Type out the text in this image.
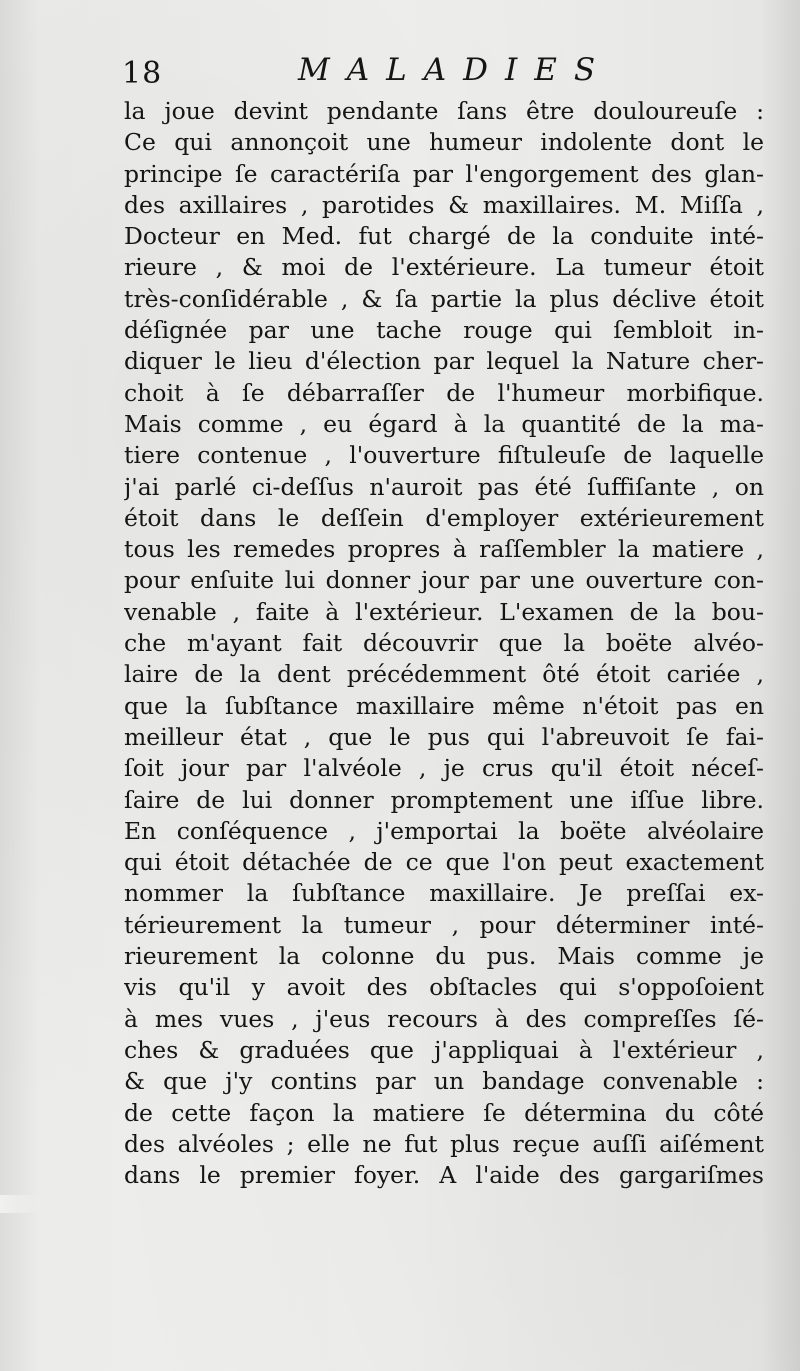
18	MALADIES
la joue devint pendante ſans être douloureuſe :
Ce qui annonçoit une humeur indolente dont le
principe ſe caractériſa par l'engorgement des glan-
des axillaires , parotides & maxillaires. M. Miſſa ,
Docteur en Med. fut chargé de la conduite inté-
rieure , & moi de l'extérieure. La tumeur étoit
très-conſidérable , & ſa partie la plus déclive étoit
déſignée par une tache rouge qui ſembloit in-
diquer le lieu d'élection par lequel la Nature cher-
choit à ſe débarraſſer de l'humeur morbifique.
Mais comme , eu égard à la quantité de la ma-
tiere contenue , l'ouverture fiſtuleuſe de laquelle
j'ai parlé ci-deſſus n'auroit pas été ſuffiſante , on
étoit dans le deſſein d'employer extérieurement
tous les remedes propres à raſſembler la matiere ,
pour enſuite lui donner jour par une ouverture con-
venable , faite à l'extérieur. L'examen de la bou-
che m'ayant fait découvrir que la boëte alvéo-
laire de la dent précédemment ôté étoit cariée ,
que la ſubſtance maxillaire même n'étoit pas en
meilleur état , que le pus qui l'abreuvoit ſe fai-
ſoit jour par l'alvéole , je crus qu'il étoit néceſ-
ſaire de lui donner promptement une iſſue libre.
En conſéquence , j'emportai la boëte alvéolaire
qui étoit détachée de ce que l'on peut exactement
nommer la ſubſtance maxillaire. Je preſſai ex-
térieurement la tumeur , pour déterminer inté-
rieurement la colonne du pus. Mais comme je
vis qu'il y avoit des obſtacles qui s'oppoſoient
à mes vues , j'eus recours à des compreſſes ſé-
ches & graduées que j'appliquai à l'extérieur ,
& que j'y contins par un bandage convenable :
de cette façon la matiere ſe détermina du côté
des alvéoles ; elle ne fut plus reçue auſſi aiſément
dans le premier foyer. A l'aide des gargariſmes
